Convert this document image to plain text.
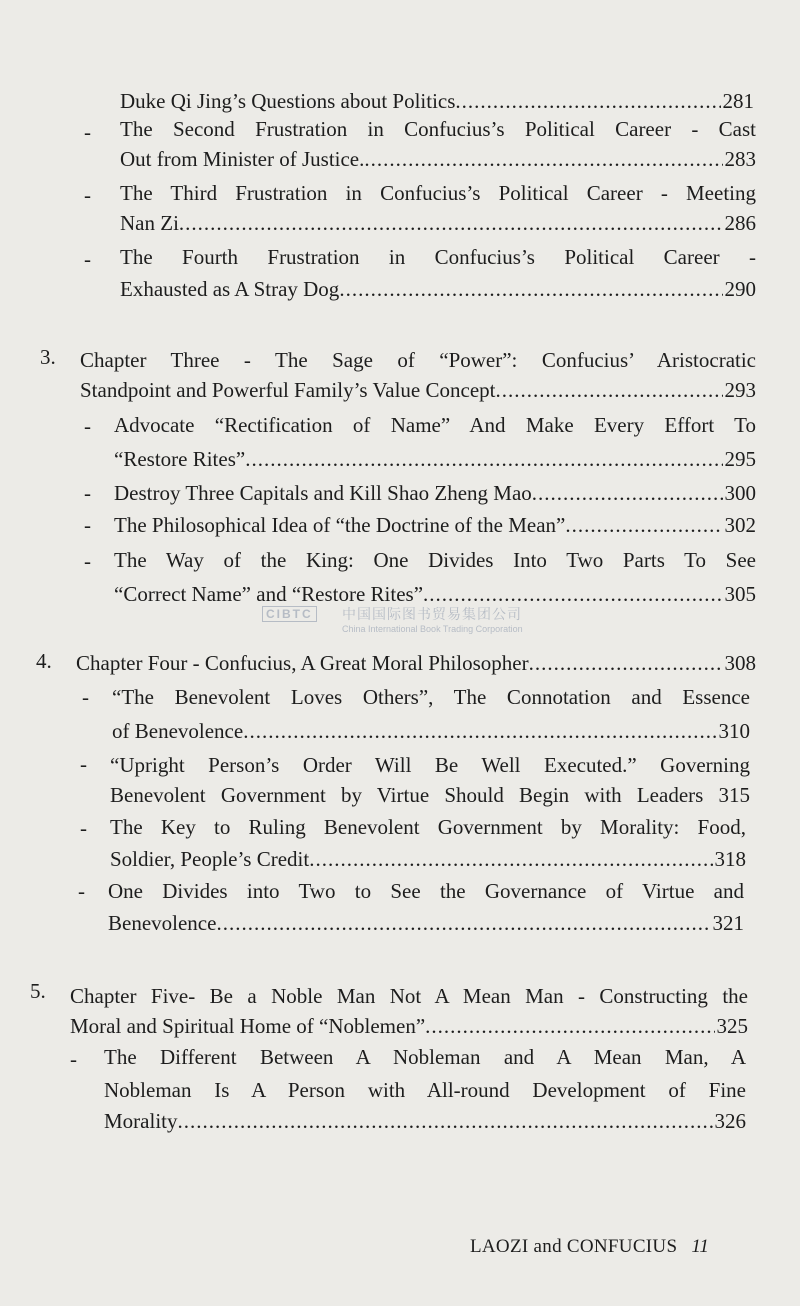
Duke Qi Jing’s Questions about Politics .....	281
- The Second Frustration in Confucius’s Political Career - Cast
Out from Minister of Justice. .....	283
- The Third Frustration in Confucius’s Political Career - Meeting
Nan Zi .....	286
- The Fourth Frustration in Confucius’s Political Career -
Exhausted as A Stray Dog .....	290
3. Chapter Three - The Sage of “Power”: Confucius’ Aristocratic
Standpoint and Powerful Family’s Value Concept .....	293
- Advocate “Rectification of Name” And Make Every Effort To
“Restore Rites” .....	295
- Destroy Three Capitals and Kill Shao Zheng Mao .....	300
- The Philosophical Idea of “the Doctrine of the Mean” .....	302
- The Way of the King: One Divides Into Two Parts To See
“Correct Name” and “Restore Rites” .....	305
CIBTC 中国国际图书贸易集团公司
China International Book Trading Corporation
4. Chapter Four - Confucius, A Great Moral Philosopher .....	308
- “The Benevolent Loves Others”, The Connotation and Essence
of Benevolence .....	310
- “Upright Person’s Order Will Be Well Executed.” Governing
Benevolent Government by Virtue Should Begin with Leaders 315
- The Key to Ruling Benevolent Government by Morality: Food,
Soldier, People’s Credit .....	318
- One Divides into Two to See the Governance of Virtue and
Benevolence .....	321
5. Chapter Five- Be a Noble Man Not A Mean Man - Constructing the
Moral and Spiritual Home of “Noblemen” .....	325
- The Different Between A Nobleman and A Mean Man, A
Nobleman Is A Person with All-round Development of Fine
Morality .....	326
LAOZI and CONFUCIUS 11
